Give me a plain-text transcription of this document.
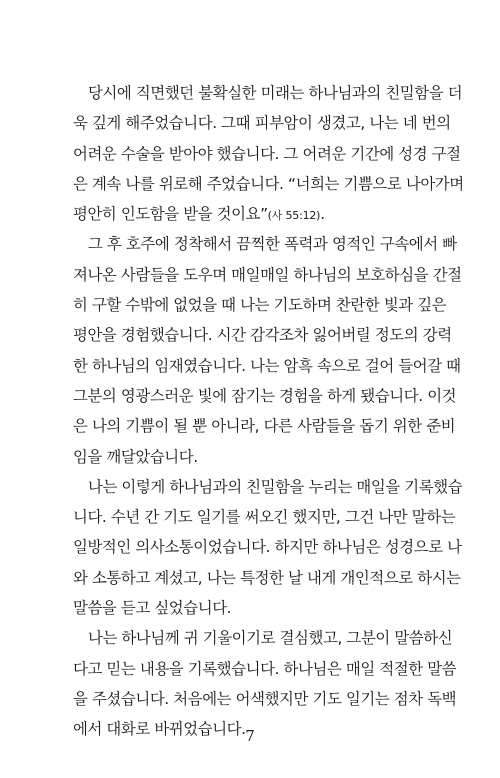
당시에 직면했던 불확실한 미래는 하나님과의 친밀함을 더
욱 깊게 해주었습니다. 그때 피부암이 생겼고, 나는 네 번의
어려운 수술을 받아야 했습니다. 그 어려운 기간에 성경 구절
은 계속 나를 위로해 주었습니다. “너희는 기쁨으로 나아가며
평안히 인도함을 받을 것이요”(사 55:12).
그 후 호주에 정착해서 끔찍한 폭력과 영적인 구속에서 빠
져나온 사람들을 도우며 매일매일 하나님의 보호하심을 간절
히 구할 수밖에 없었을 때 나는 기도하며 찬란한 빛과 깊은
평안을 경험했습니다. 시간 감각조차 잃어버릴 정도의 강력
한 하나님의 임재였습니다. 나는 암흑 속으로 걸어 들어갈 때
그분의 영광스러운 빛에 잠기는 경험을 하게 됐습니다. 이것
은 나의 기쁨이 될 뿐 아니라, 다른 사람들을 돕기 위한 준비
임을 깨달았습니다.
나는 이렇게 하나님과의 친밀함을 누리는 매일을 기록했습
니다. 수년 간 기도 일기를 써오긴 했지만, 그건 나만 말하는
일방적인 의사소통이었습니다. 하지만 하나님은 성경으로 나
와 소통하고 계셨고, 나는 특정한 날 내게 개인적으로 하시는
말씀을 듣고 싶었습니다.
나는 하나님께 귀 기울이기로 결심했고, 그분이 말씀하신
다고 믿는 내용을 기록했습니다. 하나님은 매일 적절한 말씀
을 주셨습니다. 처음에는 어색했지만 기도 일기는 점차 독백
에서 대화로 바뀌었습니다. 7
